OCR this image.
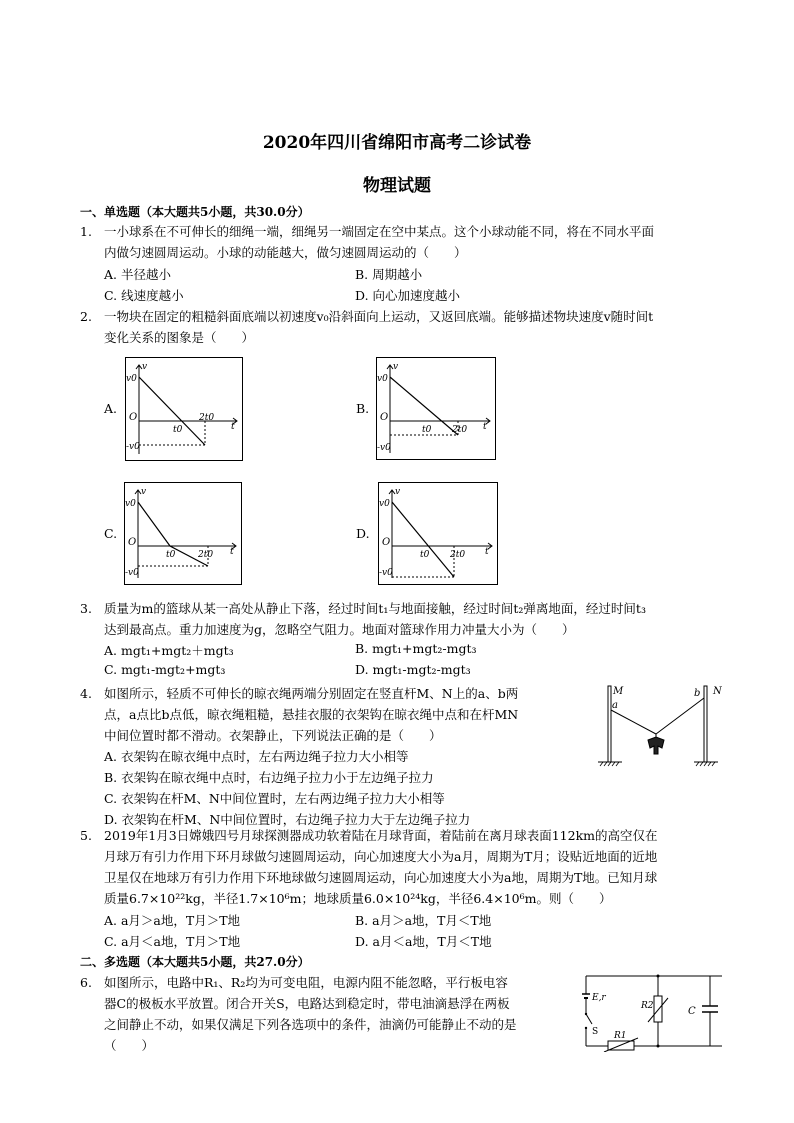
2020年四川省绵阳市高考二诊试卷
物理试题
一、单选题（本大题共5小题，共30.0分）
1. 一小球系在不可伸长的细绳一端，细绳另一端固定在空中某点。这个小球动能不同，将在不同水平面
内做匀速圆周运动。小球的动能越大，做匀速圆周运动的（　　）
A. 半径越小	B. 周期越小
C. 线速度越小	D. 向心加速度越小
2. 一物块在固定的粗糙斜面底端以初速度v₀沿斜面向上运动，又返回底端。能够描述物块速度v随时间t
变化关系的图象是（　　）
A.	B.
C.	D.
v
v0
O
t0
2t0
t
-v0
v
v0
O
t0 2t0 t
-v0
v
v0
O
t0	2t0 t
-v0
v
v0
O
t0 2t0 t
-v0
3. 质量为m的篮球从某一高处从静止下落，经过时间t₁与地面接触，经过时间t₂弹离地面，经过时间t₃
达到最高点。重力加速度为g，忽略空气阻力。地面对篮球作用力冲量大小为（　　）
A. mgt₁+mgt₂＋mgt₃	B. mgt₁+mgt₂-mgt₃
C. mgt₁-mgt₂+mgt₃	D. mgt₁-mgt₂-mgt₃
4. 如图所示，轻质不可伸长的晾衣绳两端分别固定在竖直杆M、N上的a、b两
点，a点比b点低，晾衣绳粗糙，悬挂衣服的衣架钩在晾衣绳中点和在杆MN
中间位置时都不滑动。衣架静止，下列说法正确的是（　　）
A. 衣架钩在晾衣绳中点时，左右两边绳子拉力大小相等
B. 衣架钩在晾衣绳中点时，右边绳子拉力小于左边绳子拉力
C. 衣架钩在杆M、N中间位置时，左右两边绳子拉力大小相等
D. 衣架钩在杆M、N中间位置时，右边绳子拉力大于左边绳子拉力
M	N
a
b
5. 2019年1月3日嫦娥四号月球探测器成功软着陆在月球背面，着陆前在离月球表面112km的高空仅在
月球万有引力作用下环月球做匀速圆周运动，向心加速度大小为a月，周期为T月；设贴近地面的近地
卫星仅在地球万有引力作用下环地球做匀速圆周运动，向心加速度大小为a地，周期为T地。已知月球
质量6.7×10²²kg，半径1.7×10⁶m；地球质量6.0×10²⁴kg，半径6.4×10⁶m。则（　　）
A. a月＞a地，T月＞T地	B. a月＞a地，T月＜T地
C. a月＜a地，T月＞T地	D. a月＜a地，T月＜T地
二、多选题（本大题共5小题，共27.0分）
6. 如图所示，电路中R₁、R₂均为可变电阻，电源内阻不能忽略，平行板电容
器C的极板水平放置。闭合开关S，电路达到稳定时，带电油滴悬浮在两板
之间静止不动，如果仅满足下列各选项中的条件，油滴仍可能静止不动的是
（　　）
E,r
S R1
R2	C
